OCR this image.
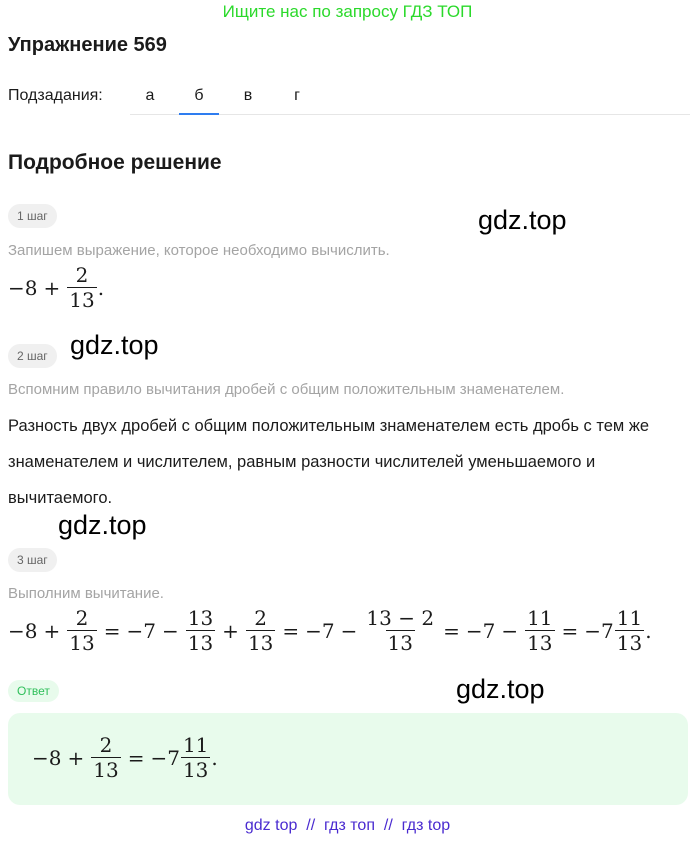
Ищите нас по запросу ГДЗ ТОП
Упражнение 569
Подзадания:	а	б	в	г
Подробное решение
1 шаг	gdz.top
Запишем выражение, которое необходимо вычислить.
$-8 + \frac{2}{13}$ .
2 шаг gdz.top
Вспомним правило вычитания дробей с общим положительным знаменателем.
Разность двух дробей с общим положительным знаменателем есть дробь с тем же знаменателем и числителем, равным разности числителей уменьшаемого и вычитаемого.
gdz.top
3 шаг
Выполним вычитание.
$-8 + \frac{2}{13} = -7 - \frac{13}{13} + \frac{2}{13} = -7 - \frac{13 - 2}{13} = -7 - \frac{11}{13} = -7 \frac{11}{13}$ .
Ответ	gdz.top
$-8 + \frac{2}{13} = -7 \frac{11}{13}$ .
gdz top  //  гдз топ  //  гдз top
